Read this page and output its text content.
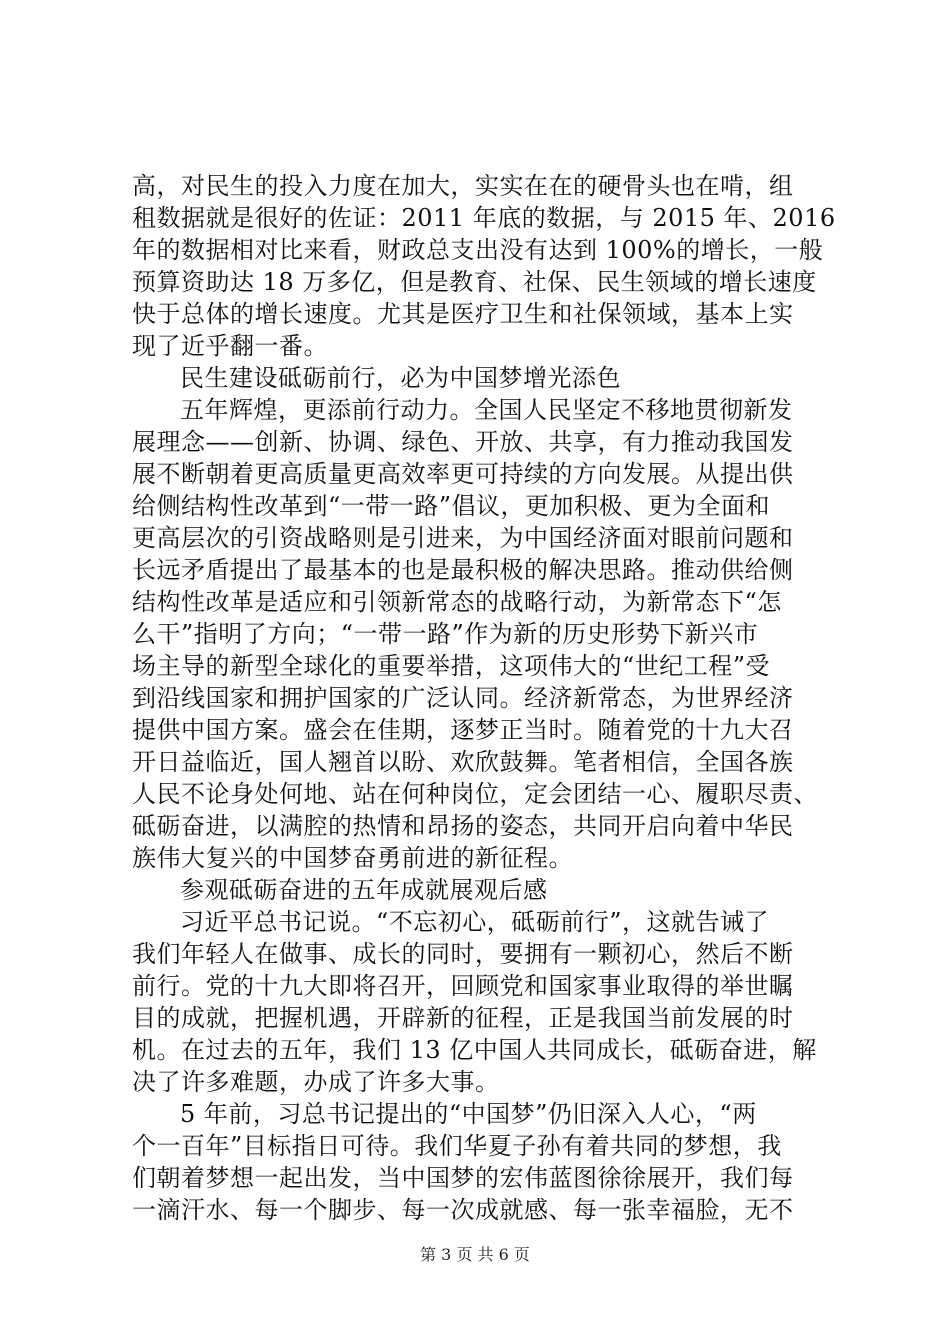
高，对民生的投入力度在加大，实实在在的硬骨头也在啃，组
租数据就是很好的佐证：2011 年底的数据，与 2015 年、2016
年的数据相对比来看，财政总支出没有达到 100%的增长，一般
预算资助达 18 万多亿，但是教育、社保、民生领域的增长速度
快于总体的增长速度。尤其是医疗卫生和社保领域，基本上实
现了近乎翻一番。
民生建设砥砺前行，必为中国梦增光添色
五年辉煌，更添前行动力。全国人民坚定不移地贯彻新发
展理念——创新、协调、绿色、开放、共享，有力推动我国发
展不断朝着更高质量更高效率更可持续的方向发展。从提出供
给侧结构性改革到“一带一路”倡议，更加积极、更为全面和
更高层次的引资战略则是引进来，为中国经济面对眼前问题和
长远矛盾提出了最基本的也是最积极的解决思路。推动供给侧
结构性改革是适应和引领新常态的战略行动，为新常态下“怎
么干”指明了方向；“一带一路”作为新的历史形势下新兴市
场主导的新型全球化的重要举措，这项伟大的“世纪工程”受
到沿线国家和拥护国家的广泛认同。经济新常态，为世界经济
提供中国方案。盛会在佳期，逐梦正当时。随着党的十九大召
开日益临近，国人翘首以盼、欢欣鼓舞。笔者相信，全国各族
人民不论身处何地、站在何种岗位，定会团结一心、履职尽责、
砥砺奋进，以满腔的热情和昂扬的姿态，共同开启向着中华民
族伟大复兴的中国梦奋勇前进的新征程。
参观砥砺奋进的五年成就展观后感
习近平总书记说。“不忘初心，砥砺前行”，这就告诫了
我们年轻人在做事、成长的同时，要拥有一颗初心，然后不断
前行。党的十九大即将召开，回顾党和国家事业取得的举世瞩
目的成就，把握机遇，开辟新的征程，正是我国当前发展的时
机。在过去的五年，我们 13 亿中国人共同成长，砥砺奋进，解
决了许多难题，办成了许多大事。
5 年前，习总书记提出的“中国梦”仍旧深入人心，“两
个一百年”目标指日可待。我们华夏子孙有着共同的梦想，我
们朝着梦想一起出发，当中国梦的宏伟蓝图徐徐展开，我们每
一滴汗水、每一个脚步、每一次成就感、每一张幸福脸，无不
第 3 页 共 6 页
